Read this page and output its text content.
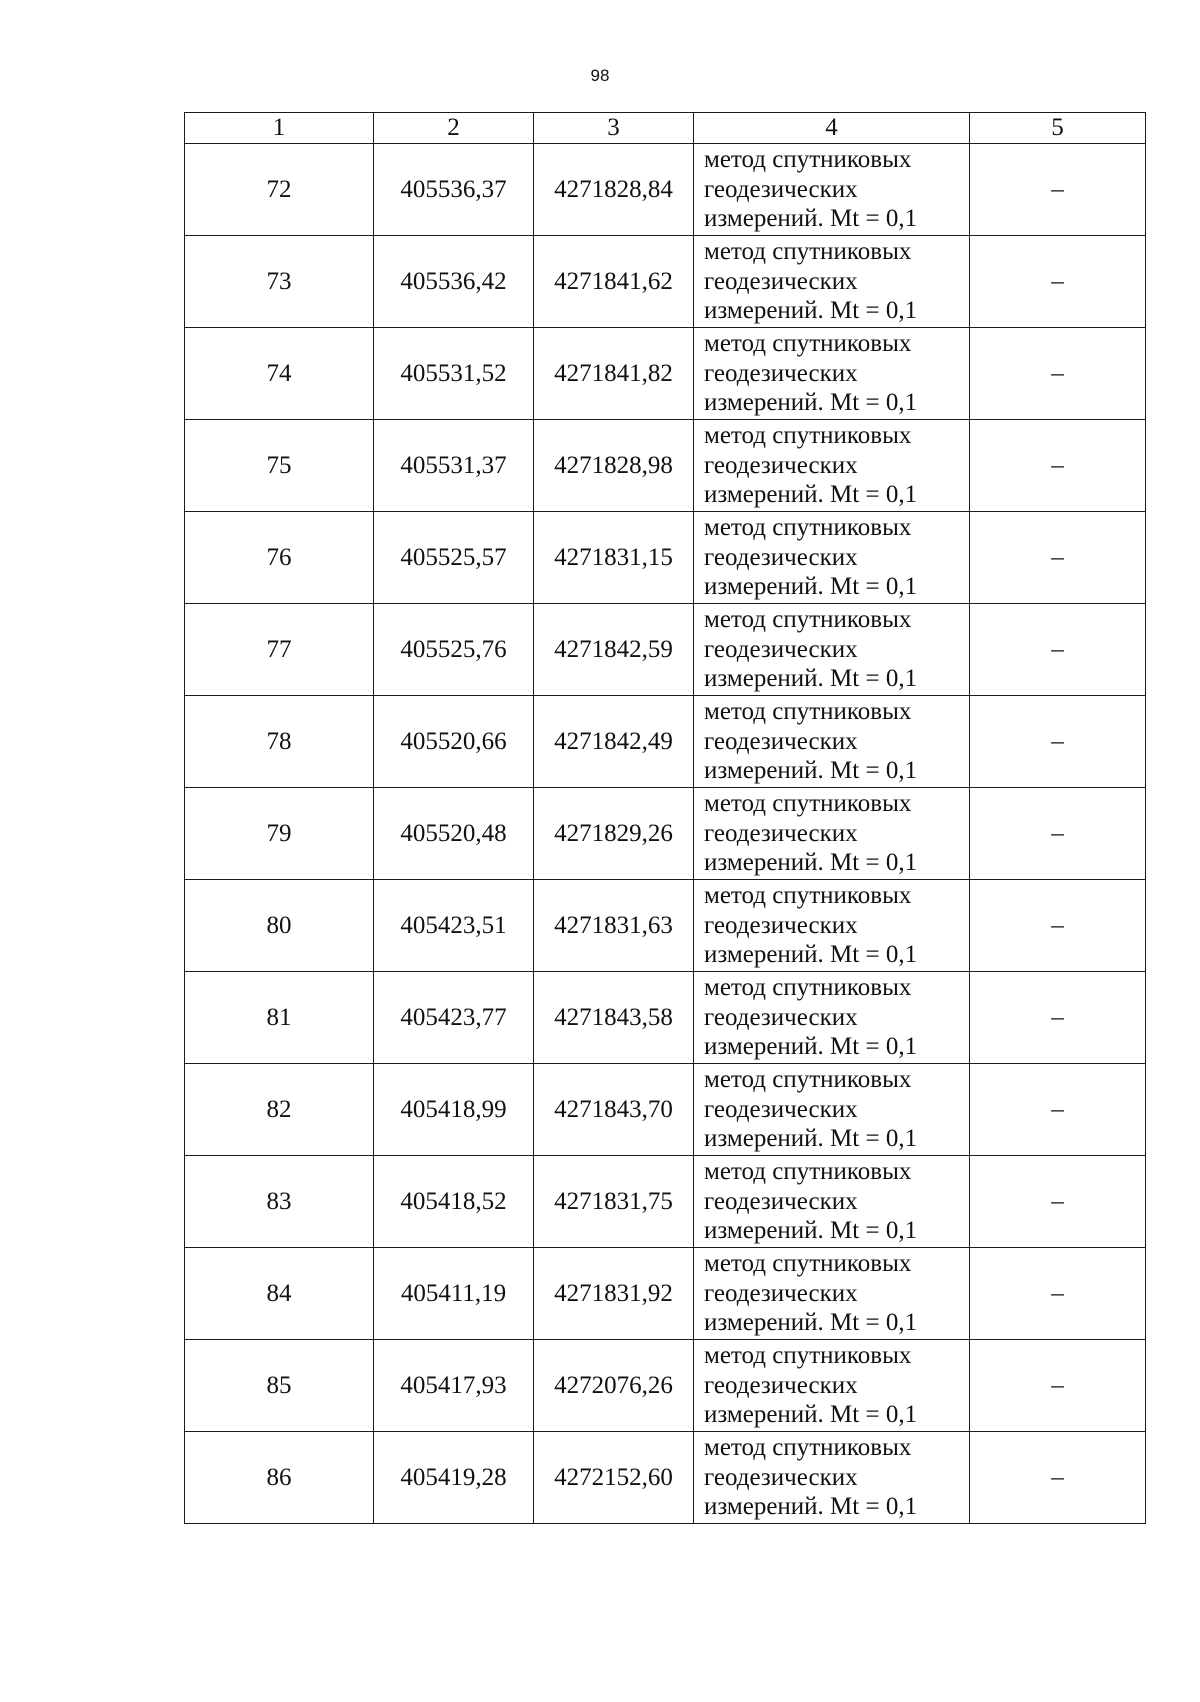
98
1	2	3	4	5
72	405536,37	4271828,84	метод спутниковых
геодезических
измерений. Mt = 0,1	–
73	405536,42	4271841,62	метод спутниковых
геодезических
измерений. Mt = 0,1	–
74	405531,52	4271841,82	метод спутниковых
геодезических
измерений. Mt = 0,1	–
75	405531,37	4271828,98	метод спутниковых
геодезических
измерений. Mt = 0,1	–
76	405525,57	4271831,15	метод спутниковых
геодезических
измерений. Mt = 0,1	–
77	405525,76	4271842,59	метод спутниковых
геодезических
измерений. Mt = 0,1	–
78	405520,66	4271842,49	метод спутниковых
геодезических
измерений. Mt = 0,1	–
79	405520,48	4271829,26	метод спутниковых
геодезических
измерений. Mt = 0,1	–
80	405423,51	4271831,63	метод спутниковых
геодезических
измерений. Mt = 0,1	–
81	405423,77	4271843,58	метод спутниковых
геодезических
измерений. Mt = 0,1	–
82	405418,99	4271843,70	метод спутниковых
геодезических
измерений. Mt = 0,1	–
83	405418,52	4271831,75	метод спутниковых
геодезических
измерений. Mt = 0,1	–
84	405411,19	4271831,92	метод спутниковых
геодезических
измерений. Mt = 0,1	–
85	405417,93	4272076,26	метод спутниковых
геодезических
измерений. Mt = 0,1	–
86	405419,28	4272152,60	метод спутниковых
геодезических
измерений. Mt = 0,1	–
